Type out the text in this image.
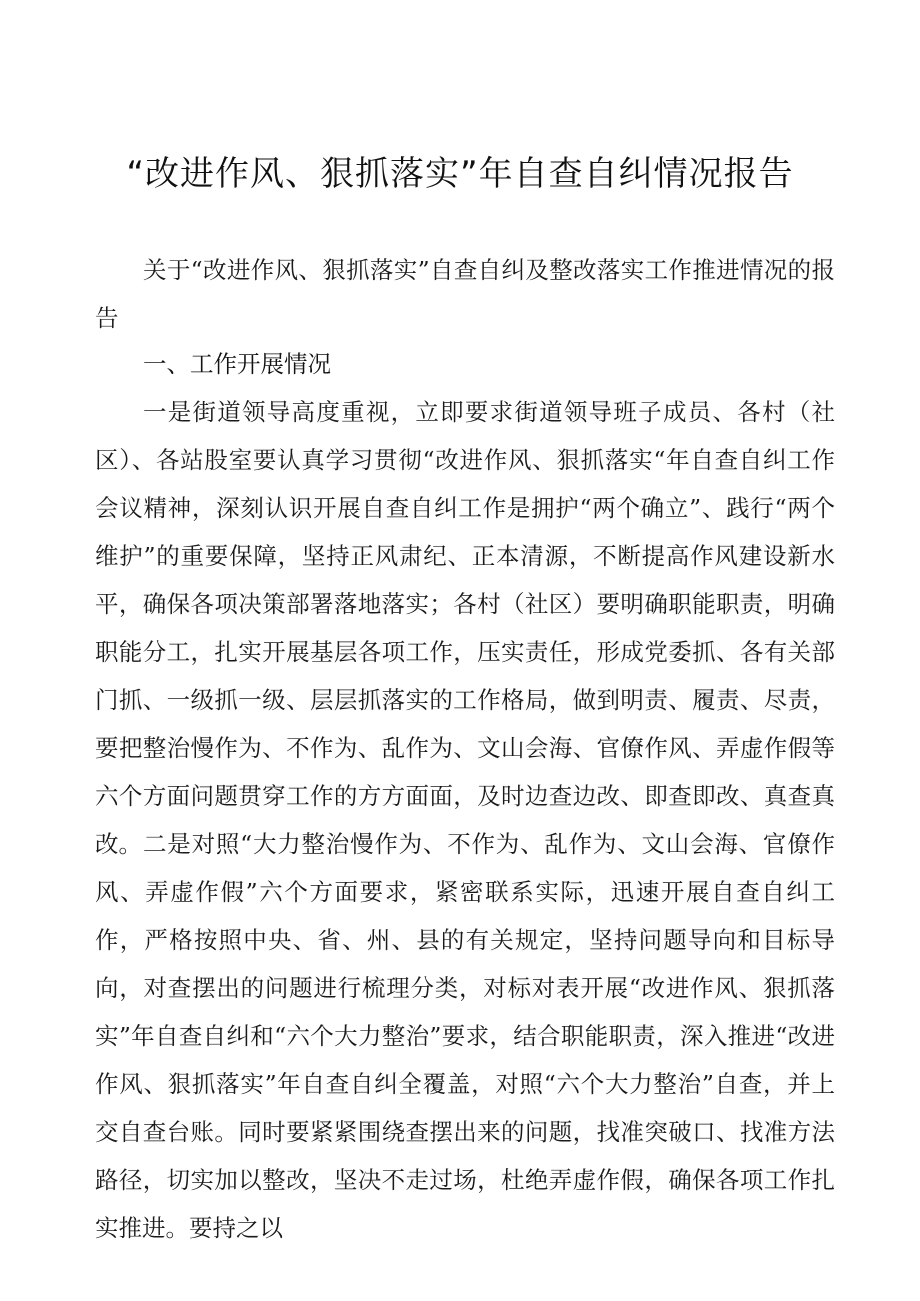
“改进作风、狠抓落实”年自查自纠情况报告
关于“改进作风、狠抓落实”自查自纠及整改落实工作推进情况的报告
一、工作开展情况
一是街道领导高度重视，立即要求街道领导班子成员、各村（社区）、各站股室要认真学习贯彻“改进作风、狠抓落实“年自查自纠工作会议精神，深刻认识开展自查自纠工作是拥护“两个确立”、践行“两个维护”的重要保障，坚持正风肃纪、正本清源，不断提高作风建设新水平，确保各项决策部署落地落实；各村（社区）要明确职能职责，明确职能分工，扎实开展基层各项工作，压实责任，形成党委抓、各有关部门抓、一级抓一级、层层抓落实的工作格局，做到明责、履责、尽责，要把整治慢作为、不作为、乱作为、文山会海、官僚作风、弄虚作假等六个方面问题贯穿工作的方方面面，及时边查边改、即查即改、真查真改。 二是对照“大力整治慢作为、不作为、乱作为、文山会海、官僚作风、弄虚作假”六个方面要求，紧密联系实际，迅速开展自查自纠工作，严格按照中央、省、州、县的有关规定，坚持问题导向和目标导向，对查摆出的问题进行梳理分类，对标对表开展“改进作风、狠抓落实”年自查自纠和“六个大力整治”要求，结合职能职责，深入推进“改进作风、狠抓落实”年自查自纠全覆盖，对照“六个大力整治”自查，并上交自查台账。同时要紧紧围绕查摆出来的问题，找准突破口、找准方法路径，切实加以整改，坚决不走过场，杜绝弄虚作假，确保各项工作扎实推进。要持之以
